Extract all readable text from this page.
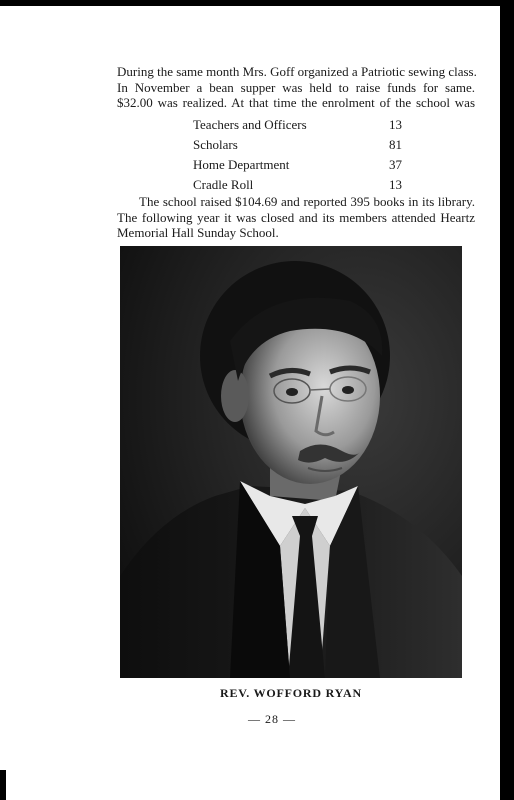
During the same month Mrs. Goff organized a Patriotic sewing class.
In November a bean supper was held to raise funds for same.
$32.00 was realized. At that time the enrolment of the school was

Teachers and Officers	13
Scholars	81
Home Department	37
Cradle Roll	13

The school raised $104.69 and reported 395 books in its library.
The following year it was closed and its members attended Heartz
Memorial Hall Sunday School.

REV. WOFFORD RYAN
— 28 —
